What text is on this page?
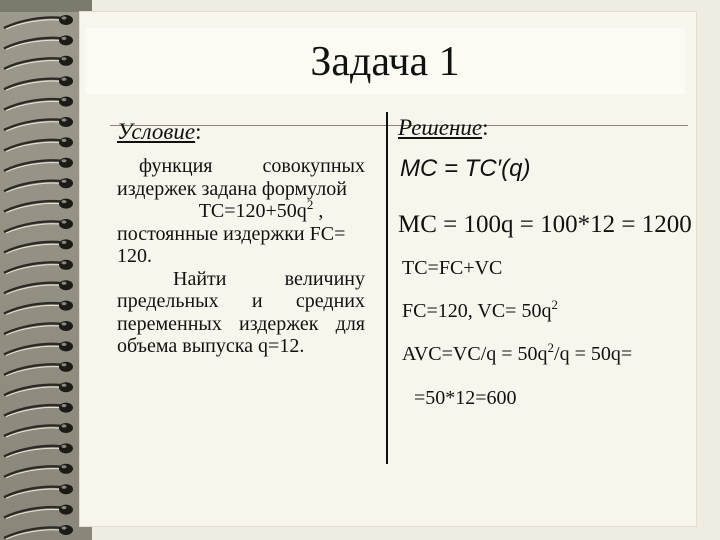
Задача 1
Условие:

функция совокупных издержек задана формулой

$ТС=120+50q^2$ ,

постоянные издержки FC= 120.

Найти величину предельных и средних переменных издержек для объема выпуска q=12.

Решение:
MC = TC′(q)
MC = 100q = 100*12 = 1200
TC=FC+VC
FC=120, $VC= 50q^2$
$AVC=VC/q = 50q^2/q = 50q=$
=50*12=600
